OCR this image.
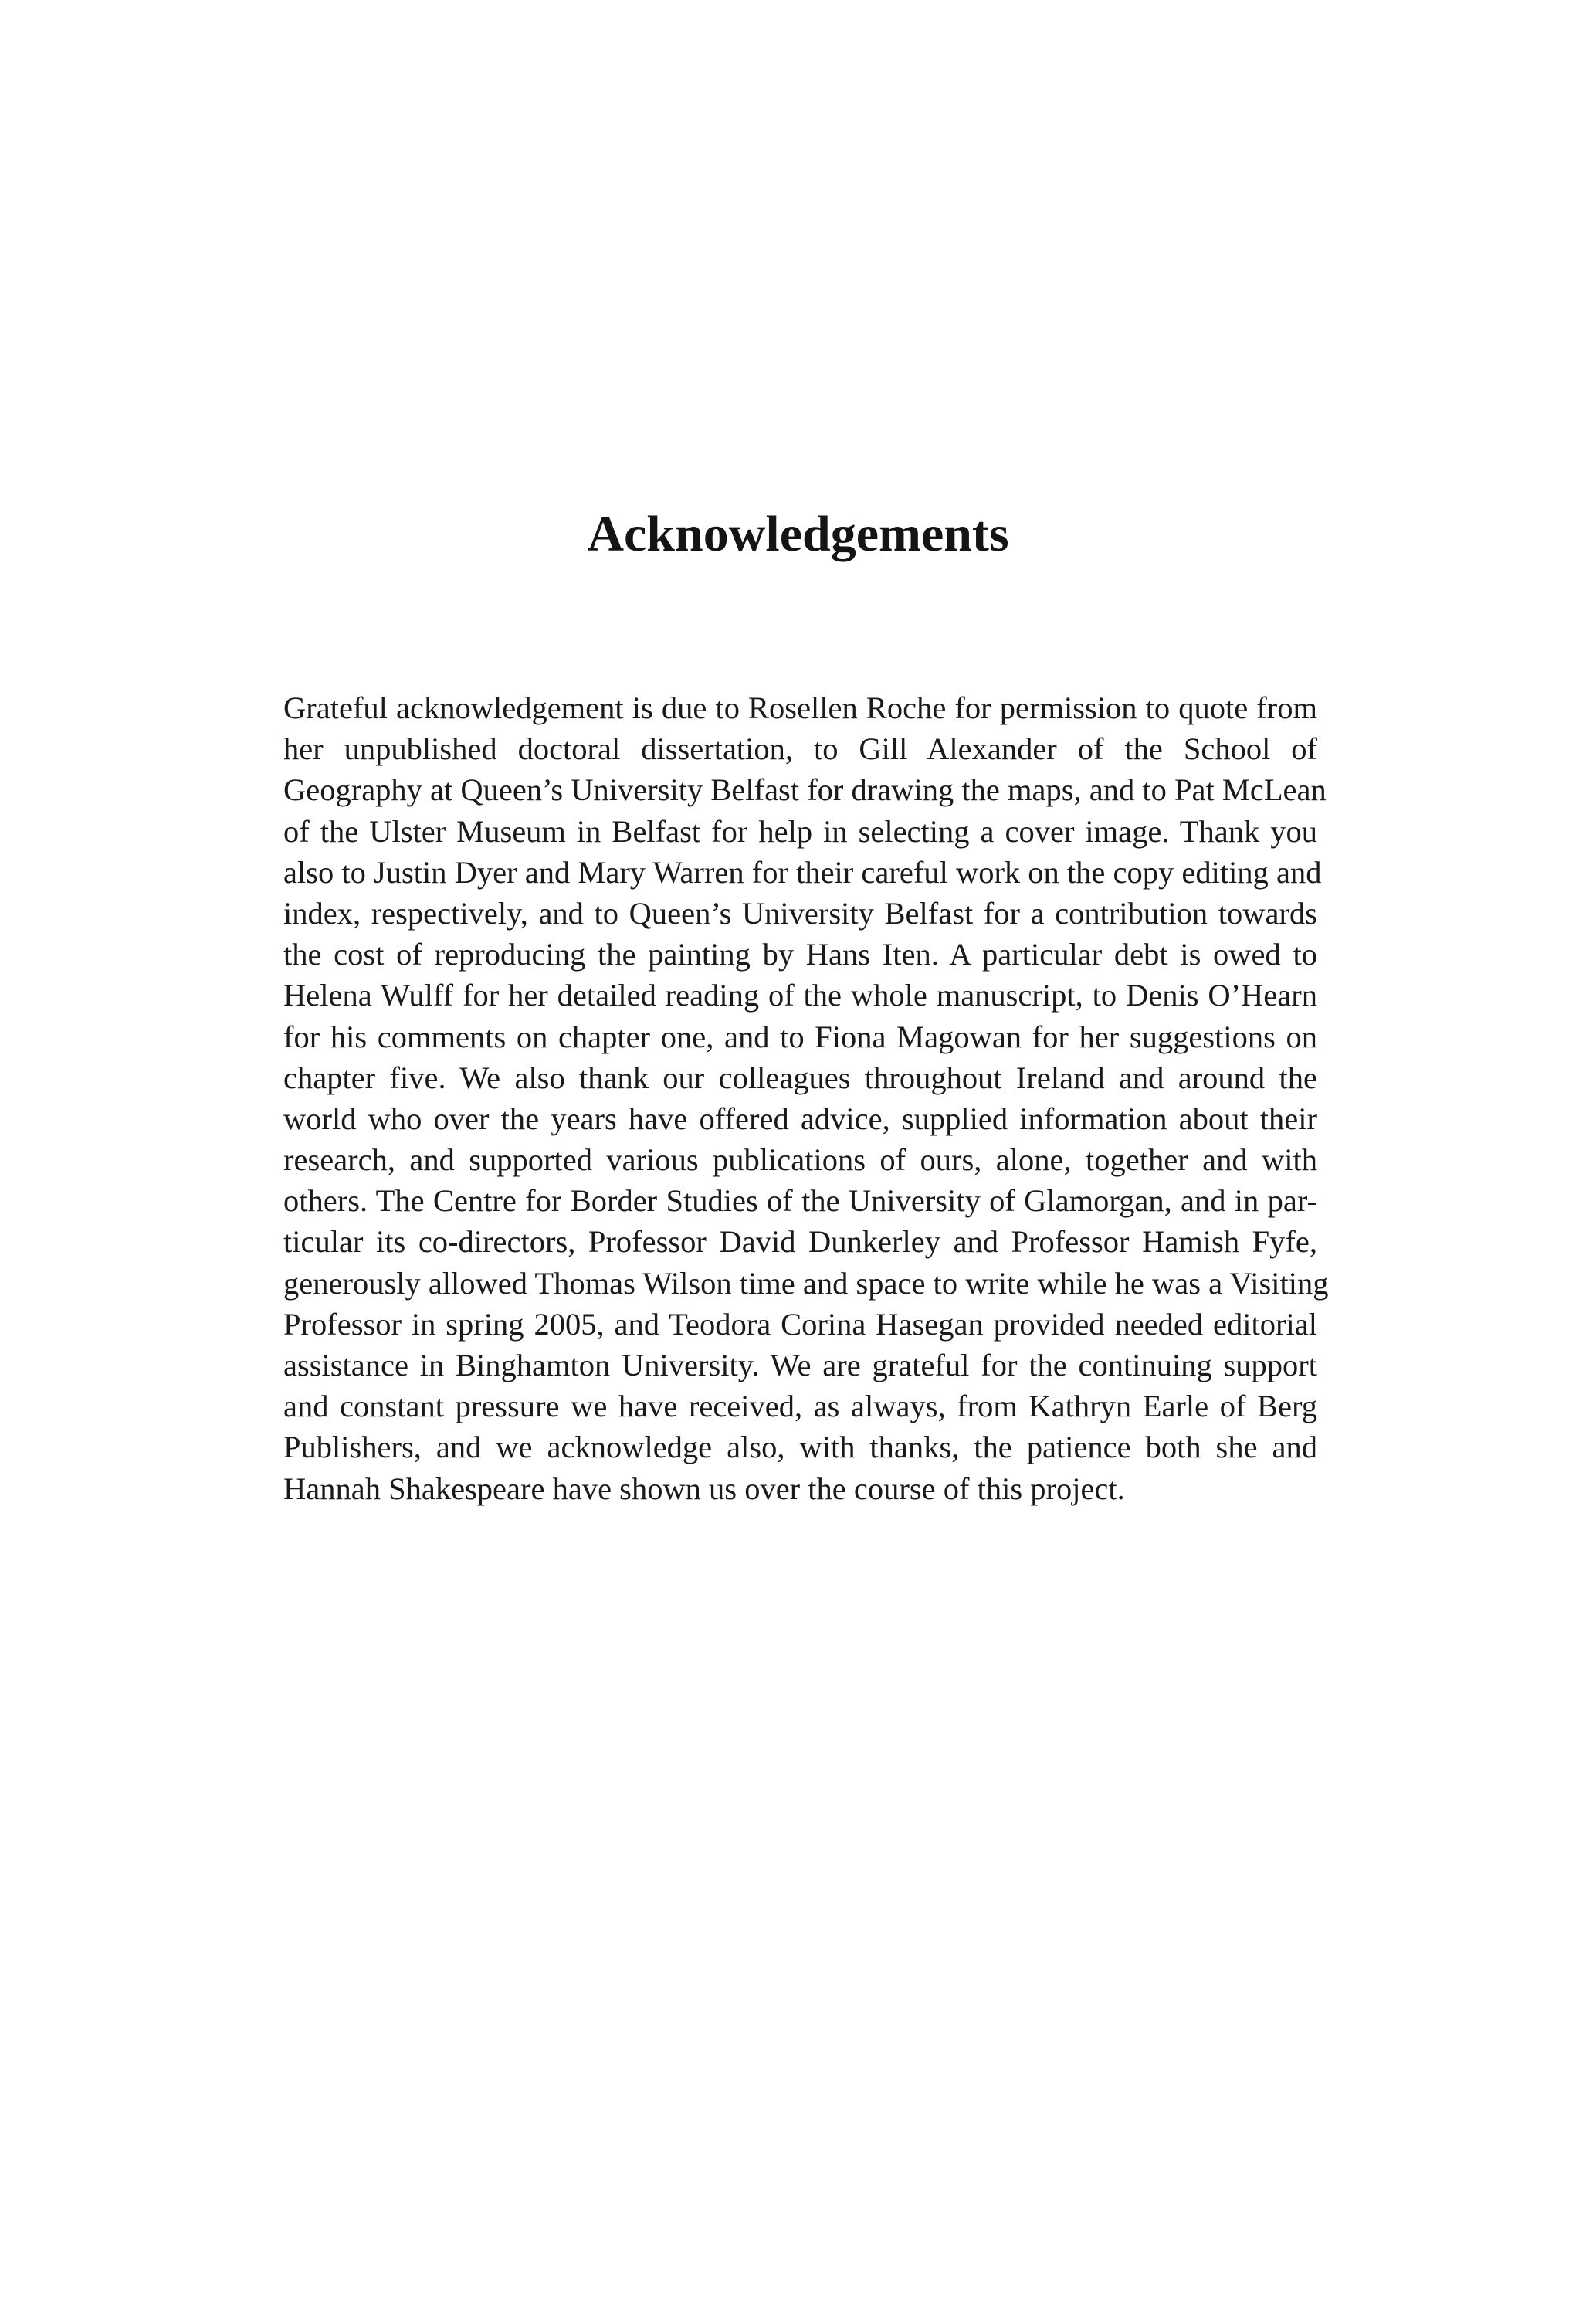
Acknowledgements
Grateful acknowledgement is due to Rosellen Roche for permission to quote from
her unpublished doctoral dissertation, to Gill Alexander of the School of
Geography at Queen’s University Belfast for drawing the maps, and to Pat McLean
of the Ulster Museum in Belfast for help in selecting a cover image. Thank you
also to Justin Dyer and Mary Warren for their careful work on the copy editing and
index, respectively, and to Queen’s University Belfast for a contribution towards
the cost of reproducing the painting by Hans Iten. A particular debt is owed to
Helena Wulff for her detailed reading of the whole manuscript, to Denis O’Hearn
for his comments on chapter one, and to Fiona Magowan for her suggestions on
chapter five. We also thank our colleagues throughout Ireland and around the
world who over the years have offered advice, supplied information about their
research, and supported various publications of ours, alone, together and with
others. The Centre for Border Studies of the University of Glamorgan, and in par-
ticular its co-directors, Professor David Dunkerley and Professor Hamish Fyfe,
generously allowed Thomas Wilson time and space to write while he was a Visiting
Professor in spring 2005, and Teodora Corina Hasegan provided needed editorial
assistance in Binghamton University. We are grateful for the continuing support
and constant pressure we have received, as always, from Kathryn Earle of Berg
Publishers, and we acknowledge also, with thanks, the patience both she and
Hannah Shakespeare have shown us over the course of this project.
